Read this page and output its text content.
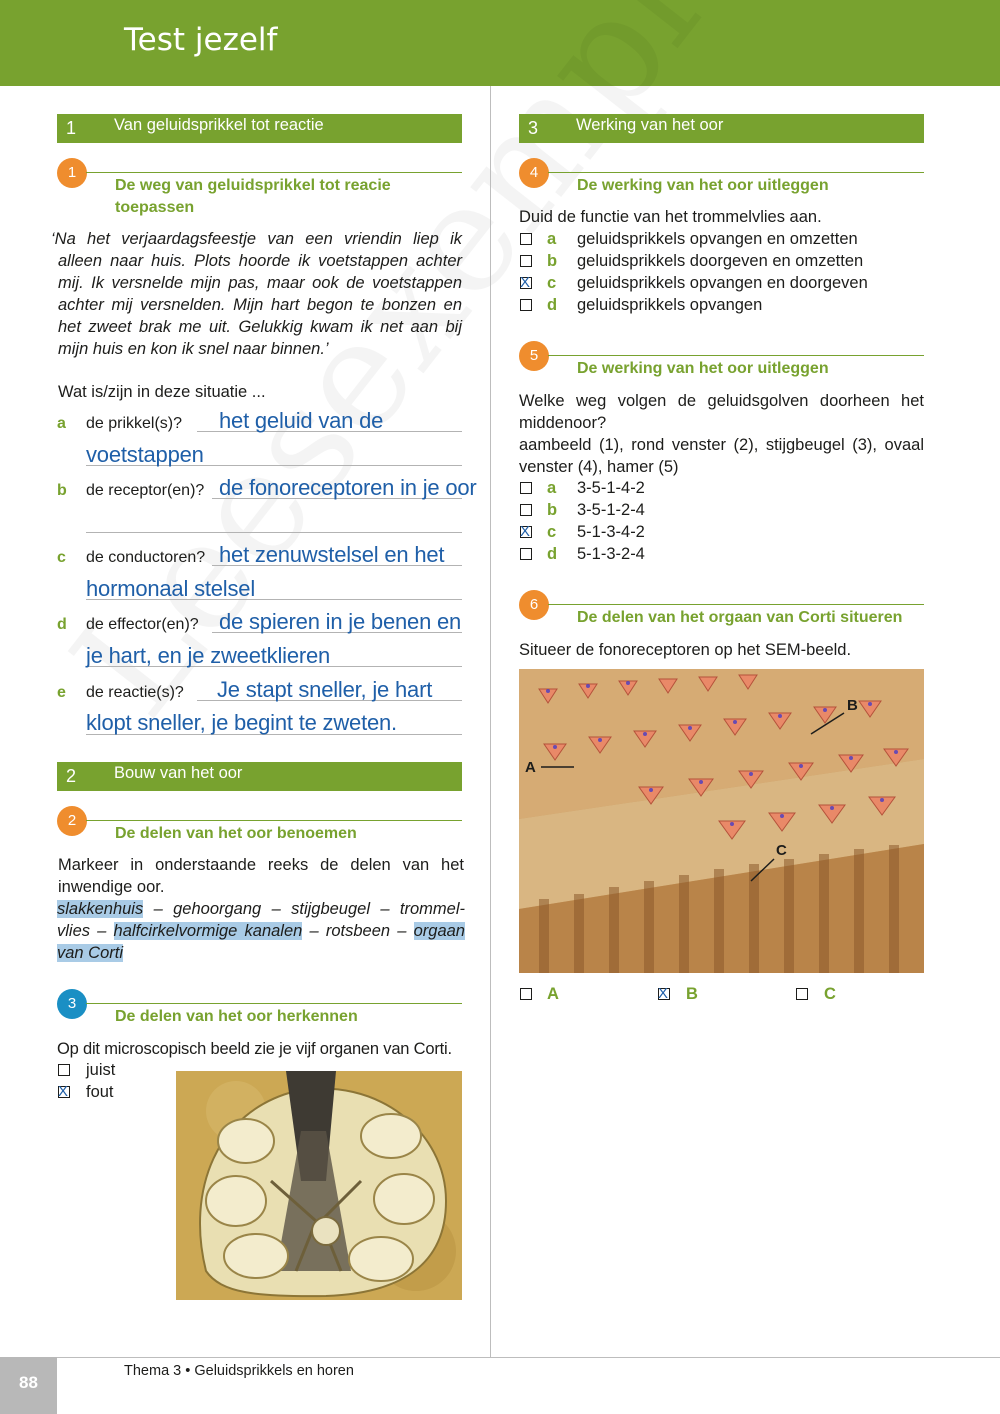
Test jezelf
1 Van geluidsprikkel tot reactie
1
De weg van geluidsprikkel tot reacie
toepassen
‘Na het verjaardagsfeestje van een vriendin liep ik
alleen naar huis. Plots hoorde ik voetstappen achter
mij. Ik versnelde mijn pas, maar ook de voetstappen
achter mij versnelden. Mijn hart begon te bonzen en
het zweet brak me uit. Gelukkig kwam ik net aan bij
mijn huis en kon ik snel naar binnen.’
Wat is/zijn in deze situatie ...
a de prikkel(s)? het geluid van de
voetstappen
b de receptor(en)? de fonoreceptoren in je oor
c de conductoren? het zenuwstelsel en het
hormonaal stelsel
d de effector(en)? de spieren in je benen en
je hart, en je zweetklieren
e de reactie(s)? Je stapt sneller, je hart
klopt sneller, je begint te zweten.
2 Bouw van het oor
2
De delen van het oor benoemen
Markeer in onderstaande reeks de delen van het
inwendige oor.
slakkenhuis – gehoorgang – stijgbeugel – trommel-
vlies – halfcirkelvormige kanalen – rotsbeen – orgaan
van Corti
3
De delen van het oor herkennen
Op dit microscopisch beeld zie je vijf organen van Corti.
juist
X
fout
3 Werking van het oor
4
De werking van het oor uitleggen
Duid de functie van het trommelvlies aan.
a geluidsprikkels opvangen en omzetten
b geluidsprikkels doorgeven en omzetten
X
c geluidsprikkels opvangen en doorgeven
d geluidsprikkels opvangen
5
De werking van het oor uitleggen
Welke weg volgen de geluidsgolven doorheen het
middenoor?
aambeeld (1), rond venster (2), stijgbeugel (3), ovaal
venster (4), hamer (5)
a 3-5-1-4-2
b 3-5-1-2-4
X
c 5-1-3-4-2
d 5-1-3-2-4
6
De delen van het orgaan van Corti situeren
Situeer de fonoreceptoren op het SEM-beeld.
A
B
C
A
X	B	C
88
Thema 3 • Geluidsprikkels en horen
